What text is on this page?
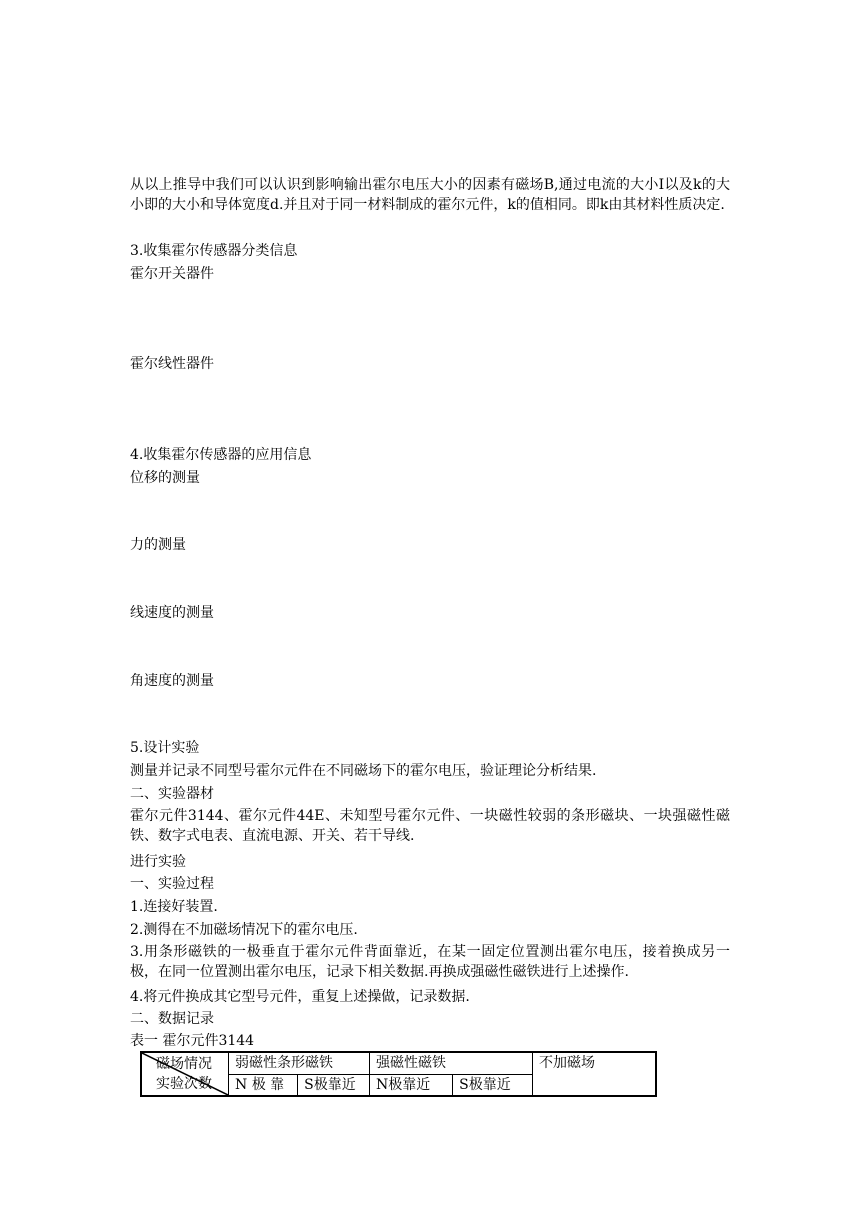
从以上推导中我们可以认识到影响输出霍尔电压大小的因素有磁场B,通过电流的大小I以及k的大小即的大小和导体宽度d.并且对于同一材料制成的霍尔元件，k的值相同。即k由其材料性质决定.
3.收集霍尔传感器分类信息
霍尔开关器件
霍尔线性器件
4.收集霍尔传感器的应用信息
位移的测量
力的测量
线速度的测量
角速度的测量
5.设计实验
测量并记录不同型号霍尔元件在不同磁场下的霍尔电压，验证理论分析结果.
二、实验器材
霍尔元件3144、霍尔元件44E、未知型号霍尔元件、一块磁性较弱的条形磁块、一块强磁性磁铁、数字式电表、直流电源、开关、若干导线.
进行实验
一、实验过程
1.连接好装置.
2.测得在不加磁场情况下的霍尔电压.
3.用条形磁铁的一极垂直于霍尔元件背面靠近，在某一固定位置测出霍尔电压，接着换成另一极，在同一位置测出霍尔电压，记录下相关数据.再换成强磁性磁铁进行上述操作.
4.将元件换成其它型号元件，重复上述操做，记录数据.
二、数据记录
表一 霍尔元件3144
磁场情况
实验次数	弱磁性条形磁铁		强磁性磁铁		不加磁场
	N 极 靠	S极靠近	N极靠近	S极靠近	
